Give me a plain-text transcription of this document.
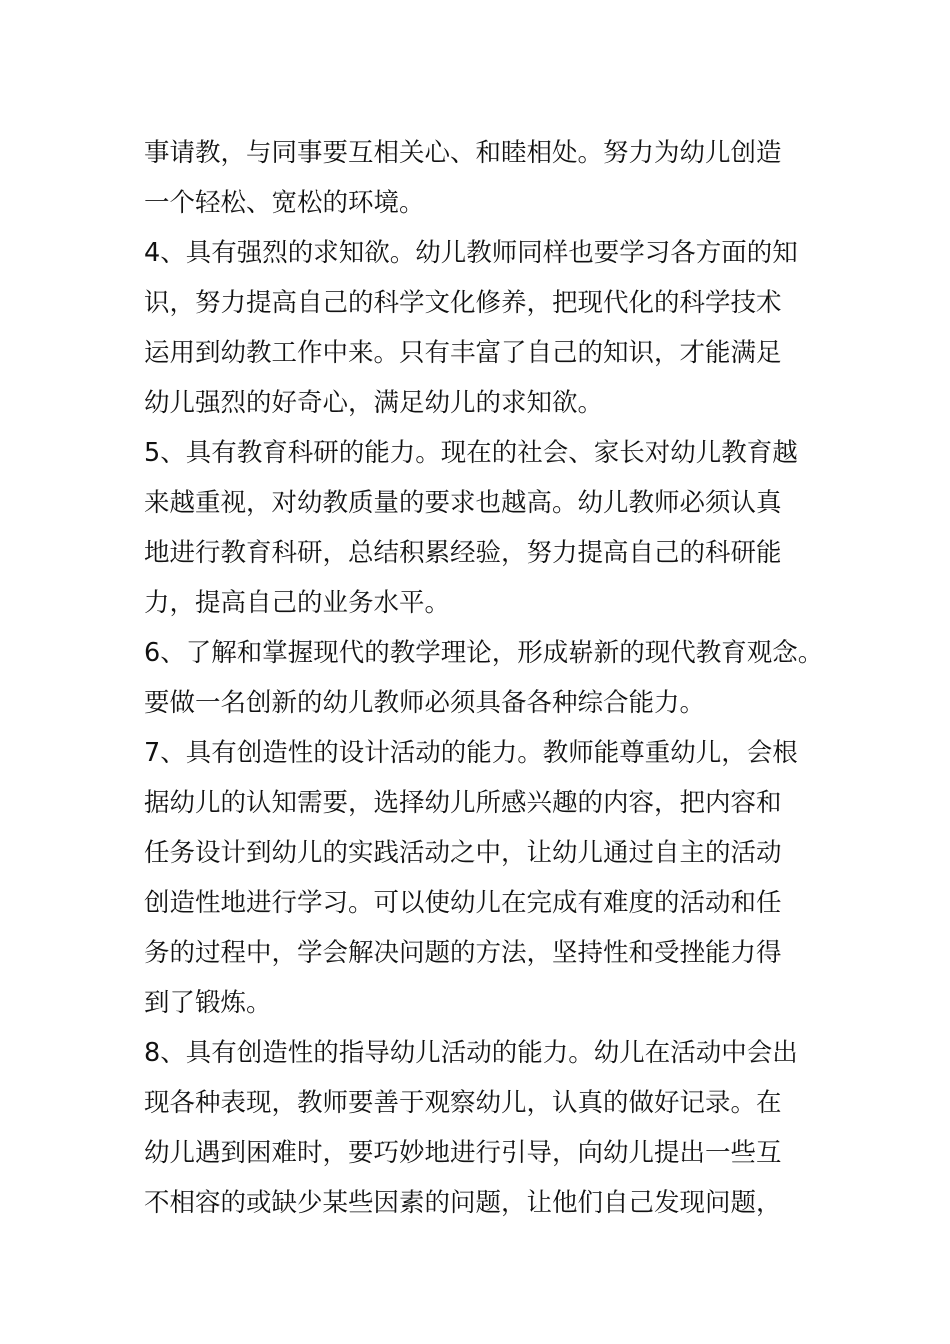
事请教，与同事要互相关心、和睦相处。努力为幼儿创造
一个轻松、宽松的环境。
4、具有强烈的求知欲。幼儿教师同样也要学习各方面的知
识，努力提高自己的科学文化修养，把现代化的科学技术
运用到幼教工作中来。只有丰富了自己的知识，才能满足
幼儿强烈的好奇心，满足幼儿的求知欲。
5、具有教育科研的能力。现在的社会、家长对幼儿教育越
来越重视，对幼教质量的要求也越高。幼儿教师必须认真
地进行教育科研，总结积累经验，努力提高自己的科研能
力，提高自己的业务水平。
6、了解和掌握现代的教学理论，形成崭新的现代教育观念。
要做一名创新的幼儿教师必须具备各种综合能力。
7、具有创造性的设计活动的能力。教师能尊重幼儿，会根
据幼儿的认知需要，选择幼儿所感兴趣的内容，把内容和
任务设计到幼儿的实践活动之中，让幼儿通过自主的活动
创造性地进行学习。可以使幼儿在完成有难度的活动和任
务的过程中，学会解决问题的方法，坚持性和受挫能力得
到了锻炼。
8、具有创造性的指导幼儿活动的能力。幼儿在活动中会出
现各种表现，教师要善于观察幼儿，认真的做好记录。在
幼儿遇到困难时，要巧妙地进行引导，向幼儿提出一些互
不相容的或缺少某些因素的问题，让他们自己发现问题，
